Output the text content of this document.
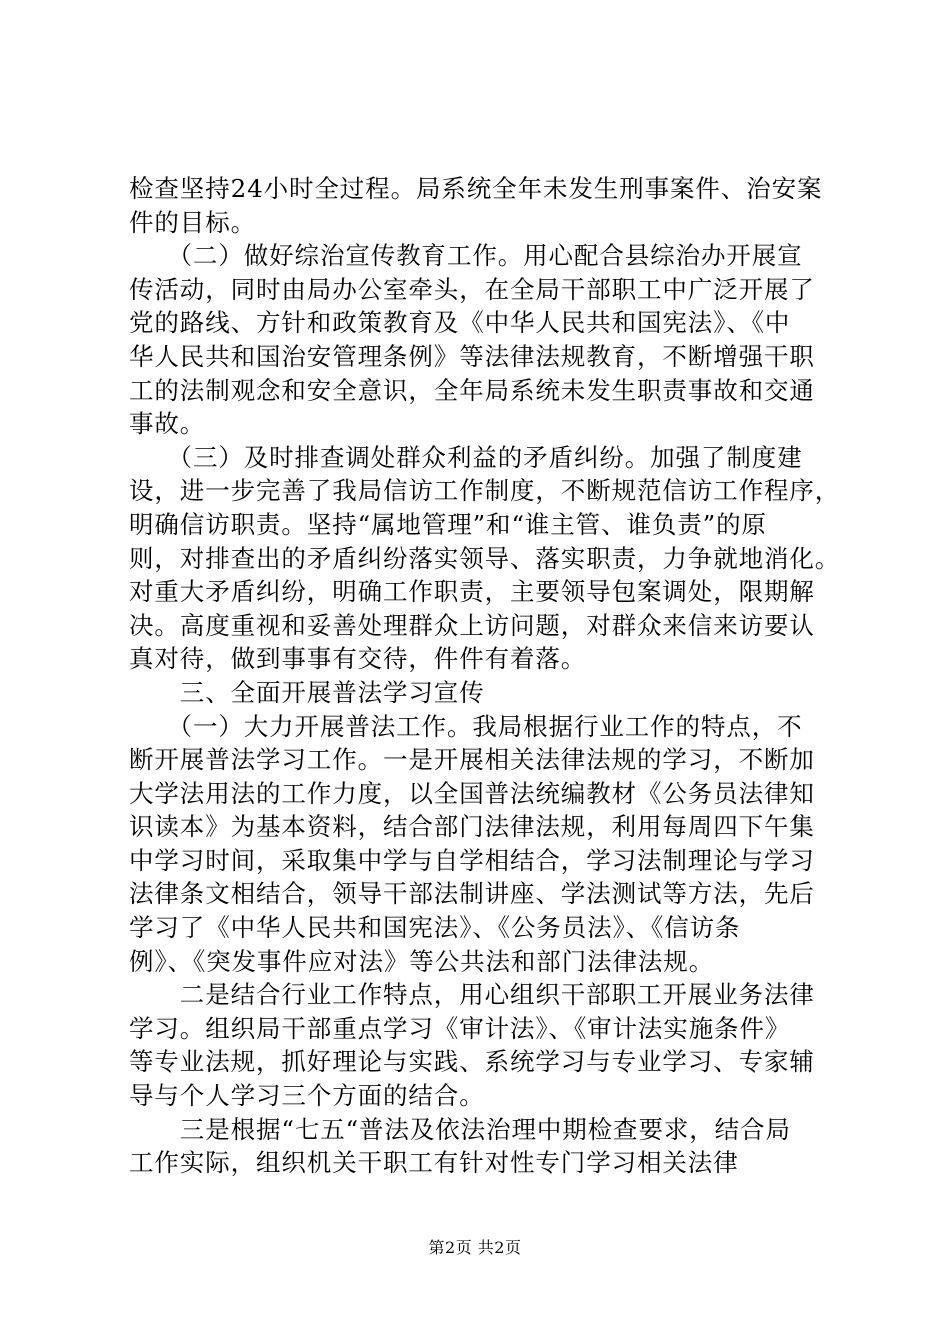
检查坚持24小时全过程。局系统全年未发生刑事案件、治安案
件的目标。
　　（二）做好综治宣传教育工作。用心配合县综治办开展宣
传活动，同时由局办公室牵头，在全局干部职工中广泛开展了
党的路线、方针和政策教育及《中华人民共和国宪法》、《中
华人民共和国治安管理条例》等法律法规教育，不断增强干职
工的法制观念和安全意识，全年局系统未发生职责事故和交通
事故。
　　（三）及时排查调处群众利益的矛盾纠纷。加强了制度建
设，进一步完善了我局信访工作制度，不断规范信访工作程序，
明确信访职责。坚持“属地管理”和“谁主管、谁负责”的原
则，对排查出的矛盾纠纷落实领导、落实职责，力争就地消化。
对重大矛盾纠纷，明确工作职责，主要领导包案调处，限期解
决。高度重视和妥善处理群众上访问题，对群众来信来访要认
真对待，做到事事有交待，件件有着落。
　　三、全面开展普法学习宣传
　　（一）大力开展普法工作。我局根据行业工作的特点，不
断开展普法学习工作。一是开展相关法律法规的学习，不断加
大学法用法的工作力度，以全国普法统编教材《公务员法律知
识读本》为基本资料，结合部门法律法规，利用每周四下午集
中学习时间，采取集中学与自学相结合，学习法制理论与学习
法律条文相结合，领导干部法制讲座、学法测试等方法，先后
学习了《中华人民共和国宪法》、《公务员法》、《信访条
例》、《突发事件应对法》等公共法和部门法律法规。
　　二是结合行业工作特点，用心组织干部职工开展业务法律
学习。组织局干部重点学习《审计法》、《审计法实施条件》
等专业法规，抓好理论与实践、系统学习与专业学习、专家辅
导与个人学习三个方面的结合。
　　三是根据“七五“普法及依法治理中期检查要求，结合局
工作实际，组织机关干职工有针对性专门学习相关法律
第2页 共2页
